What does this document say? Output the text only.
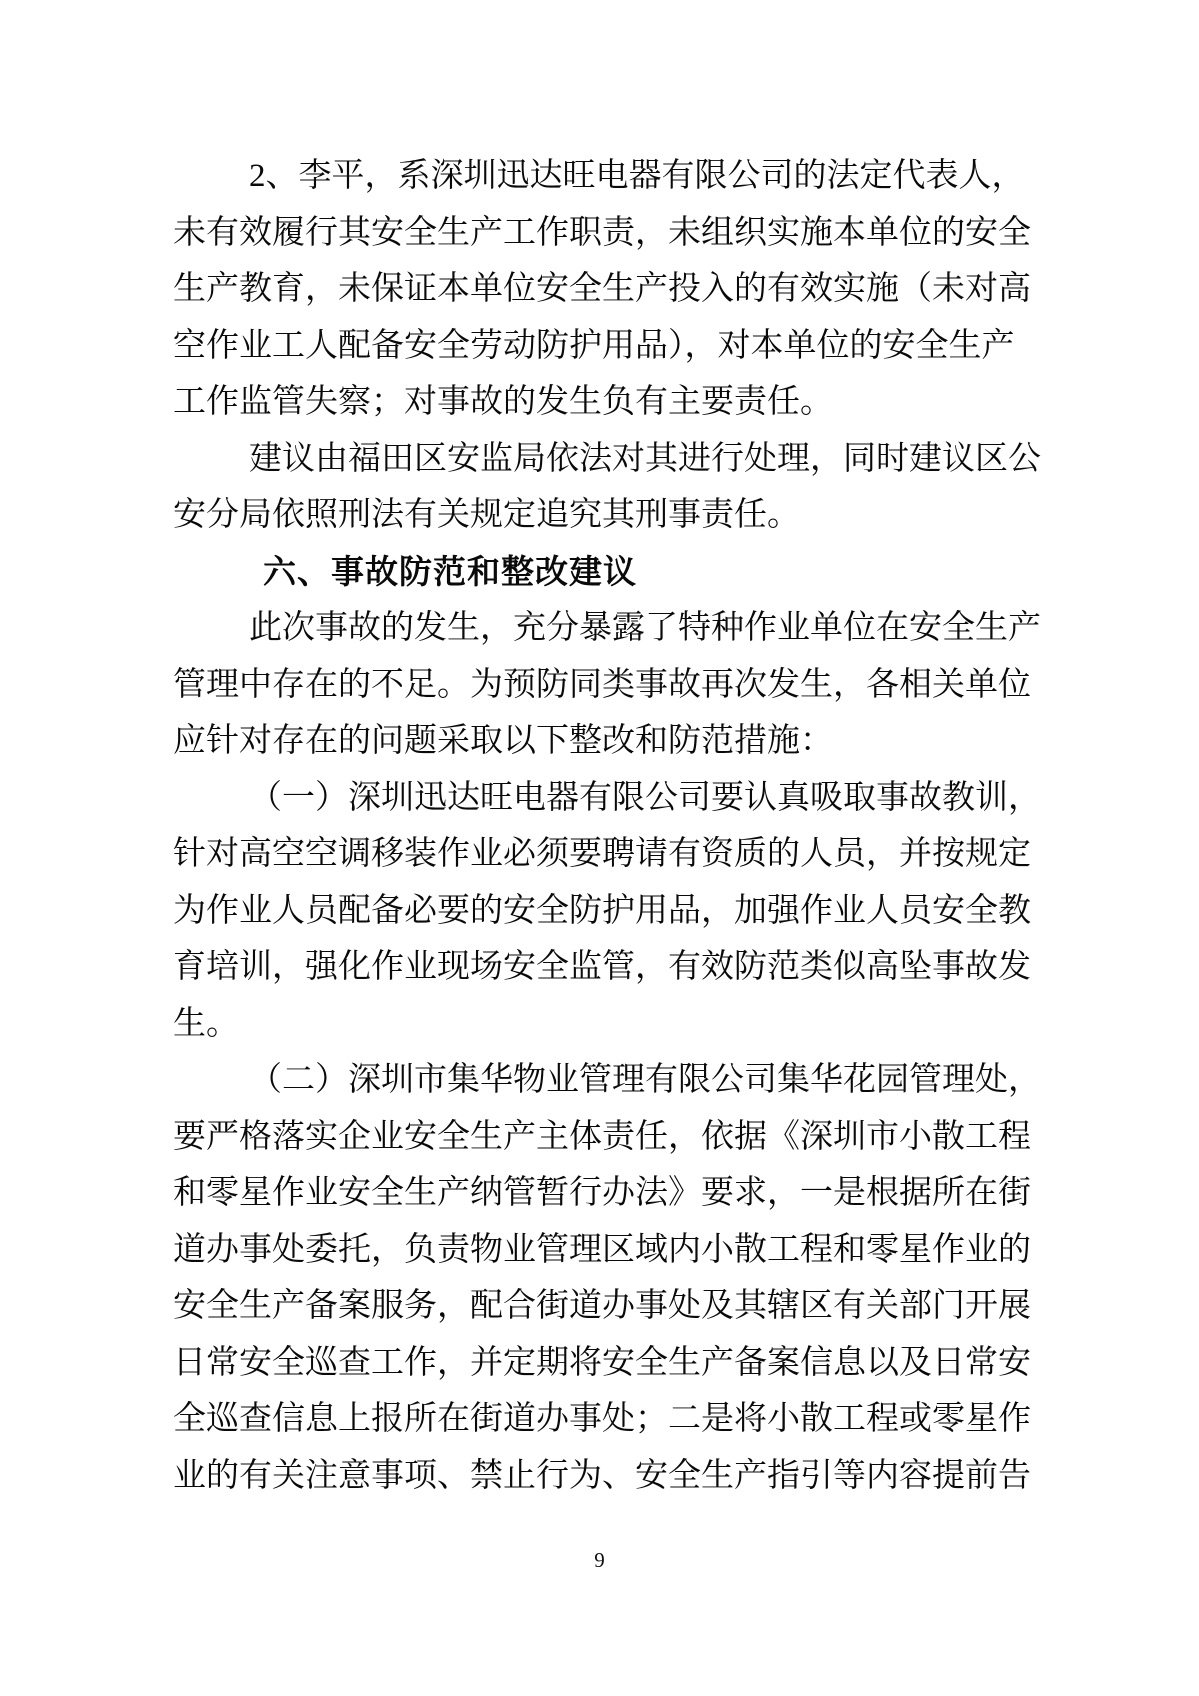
2、李平，系深圳迅达旺电器有限公司的法定代表人，
未有效履行其安全生产工作职责，未组织实施本单位的安全
生产教育，未保证本单位安全生产投入的有效实施（未对高
空作业工人配备安全劳动防护用品），对本单位的安全生产
工作监管失察；对事故的发生负有主要责任。
建议由福田区安监局依法对其进行处理，同时建议区公
安分局依照刑法有关规定追究其刑事责任。
六、事故防范和整改建议
此次事故的发生，充分暴露了特种作业单位在安全生产
管理中存在的不足。为预防同类事故再次发生，各相关单位
应针对存在的问题采取以下整改和防范措施：
（一）深圳迅达旺电器有限公司要认真吸取事故教训，
针对高空空调移装作业必须要聘请有资质的人员，并按规定
为作业人员配备必要的安全防护用品，加强作业人员安全教
育培训，强化作业现场安全监管，有效防范类似高坠事故发
生。
（二）深圳市集华物业管理有限公司集华花园管理处，
要严格落实企业安全生产主体责任，依据《深圳市小散工程
和零星作业安全生产纳管暂行办法》要求，一是根据所在街
道办事处委托，负责物业管理区域内小散工程和零星作业的
安全生产备案服务，配合街道办事处及其辖区有关部门开展
日常安全巡查工作，并定期将安全生产备案信息以及日常安
全巡查信息上报所在街道办事处；二是将小散工程或零星作
业的有关注意事项、禁止行为、安全生产指引等内容提前告
9
